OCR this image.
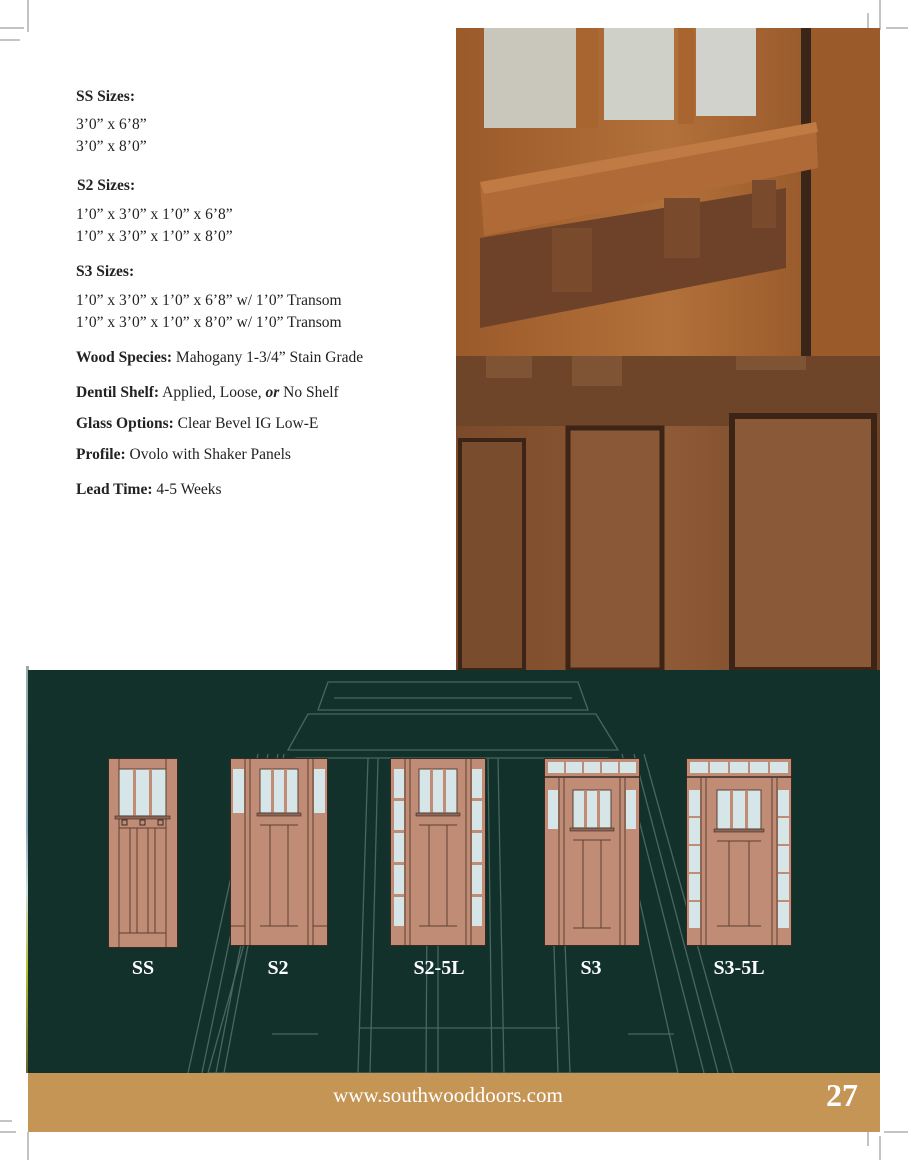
SS Sizes:

3’0” x 6’8”

3’0” x 8’0”

S2 Sizes:

1’0” x 3’0” x 1’0” x 6’8”

1’0” x 3’0” x 1’0” x 8’0”

S3 Sizes:

1’0” x 3’0” x 1’0” x 6’8” w/ 1’0” Transom

1’0” x 3’0” x 1’0” x 8’0” w/ 1’0” Transom

Wood Species: Mahogany 1-3/4” Stain Grade
Dentil Shelf: Applied, Loose, or No Shelf
Glass Options: Clear Bevel IG Low-E
Profile: Ovolo with Shaker Panels
Lead Time: 4-5 Weeks
SS	S2	S2-5L	S3	S3-5L
www.southwooddoors.com	27
